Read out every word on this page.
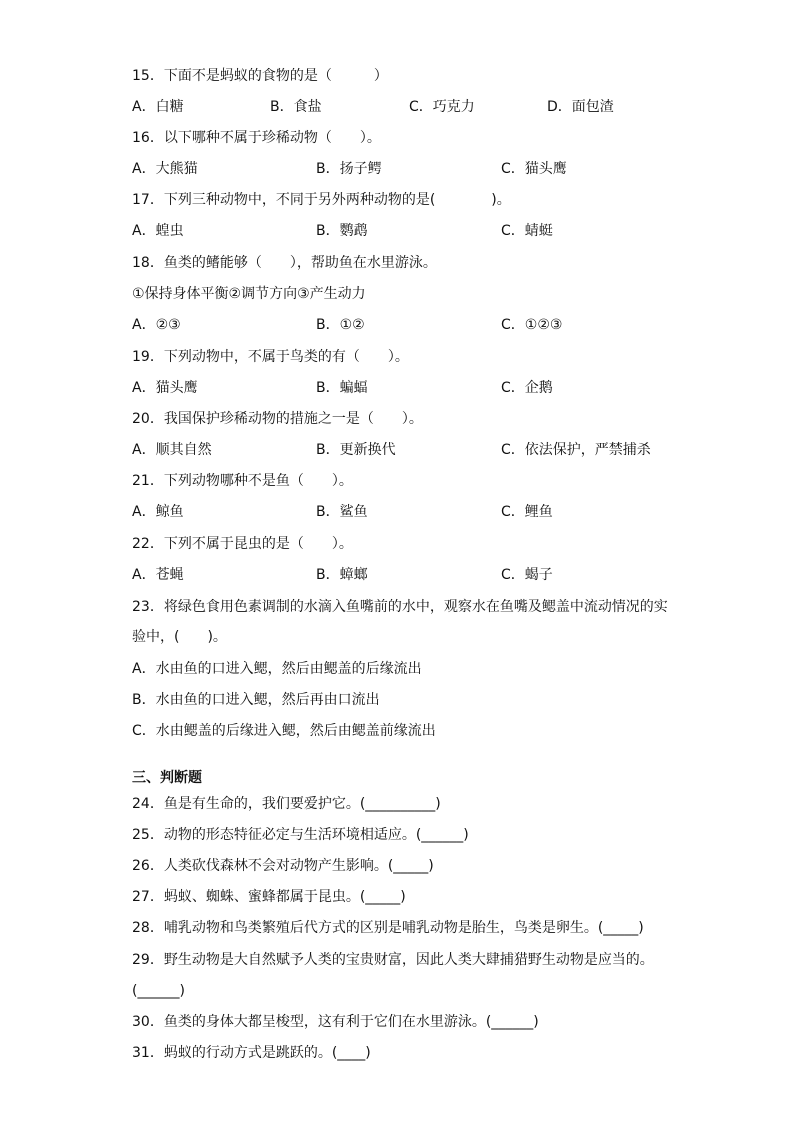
15．下面不是蚂蚁的食物的是（　　　）
A．白糖	B．食盐	C．巧克力	D．面包渣
16．以下哪种不属于珍稀动物（　　）。
A．大熊猫	B．扬子鳄	C．猫头鹰
17．下列三种动物中，不同于另外两种动物的是(　　　　)。
A．蝗虫	B．鹦鹉	C．蜻蜓
18．鱼类的鳍能够（　　），帮助鱼在水里游泳。
①保持身体平衡②调节方向③产生动力
A．②③	B．①②	C．①②③
19．下列动物中，不属于鸟类的有（　　）。
A．猫头鹰	B．蝙蝠	C．企鹅
20．我国保护珍稀动物的措施之一是（　　）。
A．顺其自然	B．更新换代	C．依法保护，严禁捕杀
21．下列动物哪种不是鱼（　　）。
A．鲸鱼	B．鲨鱼	C．鲤鱼
22．下列不属于昆虫的是（　　）。
A．苍蝇	B．蟑螂	C．蝎子
23．将绿色食用色素调制的水滴入鱼嘴前的水中，观察水在鱼嘴及鳃盖中流动情况的实
验中，(　　)。
A．水由鱼的口进入鳃，然后由鳃盖的后缘流出
B．水由鱼的口进入鳃，然后再由口流出
C．水由鳃盖的后缘进入鳃，然后由鳃盖前缘流出
三、判断题
24．鱼是有生命的，我们要爱护它。(__________)
25．动物的形态特征必定与生活环境相适应。(______)
26．人类砍伐森林不会对动物产生影响。(_____)
27．蚂蚁、蜘蛛、蜜蜂都属于昆虫。(_____)
28．哺乳动物和鸟类繁殖后代方式的区别是哺乳动物是胎生，鸟类是卵生。(_____)
29．野生动物是大自然赋予人类的宝贵财富，因此人类大肆捕猎野生动物是应当的。
(______)
30．鱼类的身体大都呈梭型，这有利于它们在水里游泳。(______)
31．蚂蚁的行动方式是跳跃的。(____)
